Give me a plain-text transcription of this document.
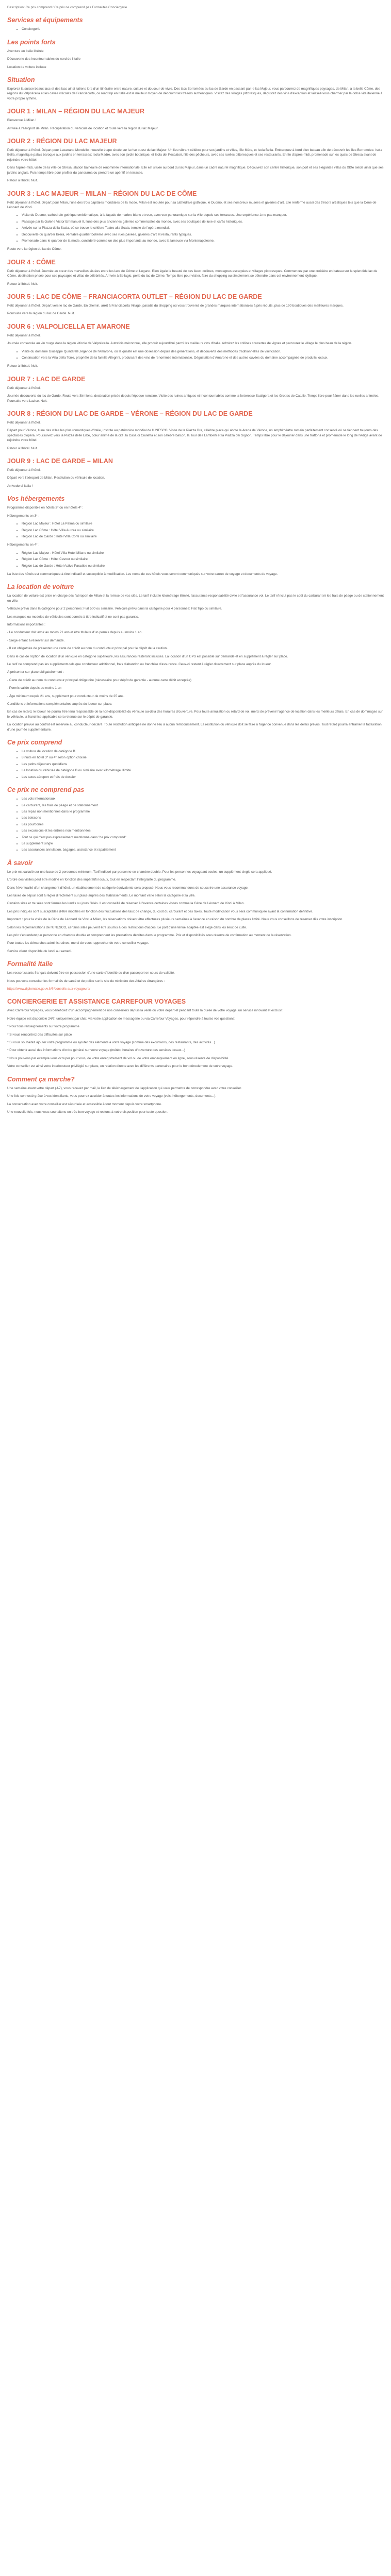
Description: Ce prix comprend / Ce prix ne comprend pas Formalités Conciergerie

Services et équipements
• Conciergerie
Les points forts

Aventure en Italie libérée

Découverte des incontournables du nord de l'Italie

Location de voiture incluse

Situation

Explorez la suisse beaux lacs et des lacs ainsi italiens lors d'un itinéraire entre nature, culture et douceur de vivre. Des lacs Borromées au lac de Garde en passant par le lac Majeur, vous parcourrez de magnifiques paysages, de Milan, à la belle Côme, des régions du Valpolicella et les caves viticoles de Franciacorta, ce road trip en Italie est le meilleur moyen de découvrir les trésors authentiques. Visitez des villages pittoresques, dégustez des vins d'exception et laissez-vous charmer par la dolce vita italienne à votre propre rythme.

JOUR 1 : MILAN – RÉGION DU LAC MAJEUR

Bienvenue à Milan !

Arrivée à l'aéroport de Milan. Récupération du véhicule de location et route vers la région du lac Majeur.

JOUR 2 : RÉGION DU LAC MAJEUR

Petit déjeuner à l'hôtel. Départ pour Lacanano Mondello, nouvelle étape située sur la rive ouest du lac Majeur. Un lieu vibrant célèbre pour ses jardins et villas, l'île Mère, et Isola Bella. Embarquez à bord d'un bateau afin de découvrir les îles Borromées: Isola Bella, magnifique palais baroque aux jardins en terrasses; Isola Madre, avec son jardin botanique, et Isola dei Pescatori, l'île des pêcheurs, avec ses ruelles pittoresques et ses restaurants. En fin d'après-midi, promenade sur les quais de Stresa avant de rejoindre votre hôtel.

Dans l'après-midi, visite de la ville de Stresa, station balnéaire de renommée internationale. Elle est située au bord du lac Majeur, dans un cadre naturel magnifique. Découvrez son centre historique, son port et ses élégantes villas du XIXe siècle ainsi que ses jardins anglais. Puis temps libre pour profiter du panorama ou prendre un apéritif en terrasse.

Retour à l'hôtel. Nuit.

JOUR 3 : LAC MAJEUR – MILAN – RÉGION DU LAC DE CÔME

Petit déjeuner à l'hôtel. Départ pour Milan, l'une des trois capitales mondiales de la mode. Milan est réputée pour sa cathédrale gothique, le Duomo, et ses nombreux musées et galeries d'art. Elle renferme aussi des trésors artistiques tels que la Cène de Léonard de Vinci.

• Visite du Duomo, cathédrale gothique emblématique, à la façade de marbre blanc et rose, avec vue panoramique sur la ville depuis ses terrasses. Une expérience à ne pas manquer.
• Passage par la Galerie Victor Emmanuel II, l'une des plus anciennes galeries commerciales du monde, avec ses boutiques de luxe et cafés historiques.
• Arrivée sur la Piazza della Scala, où se trouve le célèbre Teatro alla Scala, temple de l'opéra mondial.
• Découverte du quartier Brera, véritable quartier bohème avec ses rues pavées, galeries d'art et restaurants typiques.
• Promenade dans le quartier de la mode, considéré comme un des plus importants au monde, avec la fameuse via Montenapoleone.

Route vers la région du lac de Côme.

JOUR 4 : CÔME

Petit déjeuner à l'hôtel. Journée au cœur des merveilles situées entre les lacs de Côme et Lugano. Rien égale la beauté de ces lieux: collines, montagnes escarpées et villages pittoresques. Commencez par une croisière en bateau sur la splendide lac de Côme, destination prisée pour ses paysages et villas de célébrités. Arrivée à Bellagio, perle du lac de Côme. Temps libre pour visiter, faire du shopping ou simplement se détendre dans cet environnement idyllique.

Retour à l'hôtel. Nuit.

JOUR 5 : LAC DE CÔME – FRANCIACORTA OUTLET – RÉGION DU LAC DE GARDE

Petit déjeuner à l'hôtel. Départ vers le lac de Garde. En chemin, arrêt à Franciacorta Village, paradis du shopping où vous trouverez de grandes marques internationales à prix réduits, plus de 190 boutiques des meilleures marques.

Poursuite vers la région du lac de Garde. Nuit.

JOUR 6 : VALPOLICELLA ET AMARONE

Petit déjeuner à l'hôtel.

Journée consacrée au vin rouge dans la région viticole de Valpolicella. Autrefois méconnue, elle produit aujourd'hui parmi les meilleurs vins d'Italie. Admirez les collines couvertes de vignes et parcourez le village le plus beau de la région.

• Visite du domaine Giuseppe Quintarelli, légende de l'Amarone, où la qualité est une obsession depuis des générations, et découverte des méthodes traditionnelles de vinification.
• Continuation vers la Villa della Torre, propriété de la famille Allegrini, produisant des vins de renommée internationale. Dégustation d'Amarone et des autres cuvées du domaine accompagnée de produits locaux.

Retour à l'hôtel. Nuit.

JOUR 7 : LAC DE GARDE

Petit déjeuner à l'hôtel.

Journée découverte du lac de Garde. Route vers Sirmione, destination prisée depuis l'époque romaine. Visite des ruines antiques et incontournables comme la forteresse Scaligera et les Grottes de Catulle. Temps libre pour flâner dans les ruelles animées. Poursuite vers Lazise. Nuit.

JOUR 8 : RÉGION DU LAC DE GARDE – VÉRONE – RÉGION DU LAC DE GARDE

Petit déjeuner à l'hôtel.

Départ pour Vérone, l'une des villes les plus romantiques d'Italie, inscrite au patrimoine mondial de l'UNESCO. Visite de la Piazza Bra, célèbre place qui abrite la Arena de Vérone, un amphithéâtre romain parfaitement conservé où se tiennent toujours des spectacles d'opéra. Poursuivez vers la Piazza delle Erbe, cœur animé de la cité, la Casa di Giulietta et son célèbre balcon, la Tour des Lamberti et la Piazza dei Signori. Temps libre pour le déjeuner dans une trattoria et promenade le long de l'Adige avant de rejoindre votre hôtel.

Retour à l'hôtel. Nuit.

JOUR 9 : LAC DE GARDE – MILAN

Petit déjeuner à l'hôtel.

Départ vers l'aéroport de Milan. Restitution du véhicule de location.

Arrivederci Italia !

Vos hébergements

Programme disponible en hôtels 3* ou en hôtels 4* :

Hébergements en 3* :

• Région Lac Majeur : Hôtel La Palma ou similaire
• Région Lac Côme : Hôtel Villa Aurora ou similaire
• Région Lac de Garde : Hôtel Villa Conti ou similaire

Hébergements en 4* :

• Région Lac Majeur : Hôtel Villa Hotel Milano ou similaire
• Région Lac Côme : Hôtel Cavour ou similaire
• Région Lac de Garde : Hôtel Active Paradise ou similaire

La liste des hôtels est communiquée à titre indicatif et susceptible à modification. Les noms de ces hôtels vous seront communiqués sur votre carnet de voyage et documents de voyage.

La location de voiture

La location de voiture est prise en charge dès l'aéroport de Milan et la remise de vos clés. Le tarif inclut le kilométrage illimité, l'assurance responsabilité civile et l'assurance vol. Le tarif n'inclut pas le coût du carburant ni les frais de péage ou de stationnement en ville.

Véhicule prévu dans la catégorie pour 2 personnes: Fiat 500 ou similaire. Véhicule prévu dans la catégorie pour 4 personnes: Fiat Tipo ou similaire.

Les marques ou modèles de véhicules sont donnés à titre indicatif et ne sont pas garantis.

Informations importantes :

- Le conducteur doit avoir au moins 21 ans et être titulaire d'un permis depuis au moins 1 an.

- Siège enfant à réserver sur demande.

- Il est obligatoire de présenter une carte de crédit au nom du conducteur principal pour le dépôt de la caution.

Dans le cas de l'option de location d'un véhicule en catégorie supérieure, les assurances resteront incluses. La location d'un GPS est possible sur demande et en supplément à régler sur place.

Le tarif ne comprend pas les suppléments tels que conducteur additionnel, frais d'abandon ou franchise d'assurance. Ceux-ci restent à régler directement sur place auprès du loueur.

À présenter sur place obligatoirement :

- Carte de crédit au nom du conducteur principal obligatoire (nécessaire pour dépôt de garantie - aucune carte débit acceptée)

- Permis valide depuis au moins 1 an

- Âge minimum requis 21 ans, supplément pour conducteur de moins de 25 ans.

Conditions et informations complémentaires auprès du loueur sur place.

En cas de retard, le loueur ne pourra être tenu responsable de la non-disponibilité du véhicule au-delà des horaires d'ouverture. Pour toute annulation ou retard de vol, merci de prévenir l'agence de location dans les meilleurs délais. En cas de dommages sur le véhicule, la franchise applicable sera retenue sur le dépôt de garantie.

La location prévue au contrat est réservée au conducteur déclaré. Toute restitution anticipée ne donne lieu à aucun remboursement. La restitution du véhicule doit se faire à l'agence convenue dans les délais prévus. Tout retard pourra entraîner la facturation d'une journée supplémentaire.

Ce prix comprend
• La voiture de location de catégorie B
• 8 nuits en hôtel 3* ou 4* selon option choisie
• Les petits déjeuners quotidiens
• La location du véhicule de catégorie B ou similaire avec kilométrage illimité
• Les taxes aéroport et frais de dossier
Ce prix ne comprend pas
• Les vols internationaux
• Le carburant, les frais de péage et de stationnement
• Les repas non mentionnés dans le programme
• Les boissons
• Les pourboires
• Les excursions et les entrées non mentionnées
• Tout ce qui n'est pas expressément mentionné dans "ce prix comprend"
• Le supplément single
• Les assurances annulation, bagages, assistance et rapatriement
À savoir

Le prix est calculé sur une base de 2 personnes minimum. Tarif indiqué par personne en chambre double. Pour les personnes voyageant seules, un supplément single sera appliqué.

L'ordre des visites peut être modifié en fonction des impératifs locaux, tout en respectant l'intégralité du programme.

Dans l'éventualité d'un changement d'hôtel, un établissement de catégorie équivalente sera proposé. Nous vous recommandons de souscrire une assurance voyage.

Les taxes de séjour sont à régler directement sur place auprès des établissements. Le montant varie selon la catégorie et la ville.

Certains sites et musées sont fermés les lundis ou jours fériés. Il est conseillé de réserver à l'avance certaines visites comme la Cène de Léonard de Vinci à Milan.

Les prix indiqués sont susceptibles d'être modifiés en fonction des fluctuations des taux de change, du coût du carburant et des taxes. Toute modification vous sera communiquée avant la confirmation définitive.

Important : pour la visite de la Cène de Léonard de Vinci à Milan, les réservations doivent être effectuées plusieurs semaines à l'avance en raison du nombre de places limité. Nous vous conseillons de réserver dès votre inscription.

Selon les réglementations de l'UNESCO, certains sites peuvent être soumis à des restrictions d'accès. Le port d'une tenue adaptée est exigé dans les lieux de culte.

Les prix s'entendent par personne en chambre double et comprennent les prestations décrites dans le programme. Prix et disponibilités sous réserve de confirmation au moment de la réservation.

Pour toutes les démarches administratives, merci de vous rapprocher de votre conseiller voyage.

Service client disponible du lundi au samedi.

Formalité Italie

Les ressortissants français doivent être en possession d'une carte d'identité ou d'un passeport en cours de validité.

Nous pouvons consulter les formalités de santé et de police sur le site du ministère des Affaires étrangères :

https://www.diplomatie.gouv.fr/fr/conseils-aux-voyageurs/

CONCIERGERIE ET ASSISTANCE CARREFOUR VOYAGES

Avec Carrefour Voyages, vous bénéficiez d'un accompagnement de nos conseillers depuis la veille du votre départ et pendant toute la durée de votre voyage, un service innovant et exclusif.

Notre équipe est disponible 24/7, uniquement par chat, via votre application de messagerie ou via Carrefour Voyages, pour répondre à toutes vos questions:

* Pour tous renseignements sur votre programme

* Si vous rencontrez des difficultés sur place

* Si vous souhaitez ajouter votre programme ou ajouter des éléments à votre voyage (comme des excursions, des restaurants, des activités...)

* Pour obtenir aussi des informations d'ordre général sur votre voyage (météo, horaires d'ouverture des services locaux...)

* Nous pouvons par exemple vous occuper pour vous, de votre enregistrement de vol ou de votre embarquement en ligne, sous réserve de disponibilité.

Votre conseiller est ainsi votre interlocuteur privilégié sur place, en relation directe avec les différents partenaires pour le bon déroulement de votre voyage.

Comment ça marche?

Une semaine avant votre départ (J-7), vous recevez par mail, le lien de téléchargement de l'application qui vous permettra de correspondre avec votre conseiller.

Une fois connecté grâce à vos identifiants, vous pourrez accéder à toutes les informations de votre voyage (vols, hébergements, documents...).

La conversation avec votre conseiller est sécurisée et accessible à tout moment depuis votre smartphone.

Une nouvelle fois, nous vous souhaitons un très bon voyage et restons à votre disposition pour toute question.
